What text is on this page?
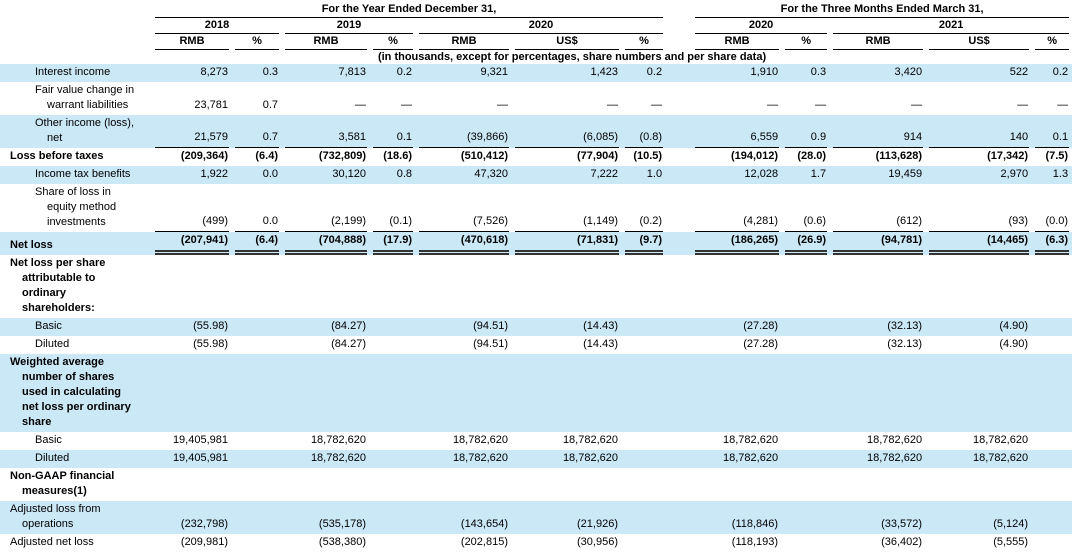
	For the Year Ended December 31,								For the Three Months Ended March 31,				

	2018		2019		2020				2020		2021		

	RMB	%	RMB	%	RMB	US$	%		RMB	%	RMB	US$	%

	(in thousands, except for percentages, share numbers and per share data)												

Interest income	8,273	0.3	7,813	0.2	9,321	1,423	0.2		1,910	0.3	3,420	522	0.2

Fair value change in
warrant liabilities	23,781	0.7	—	—	—	—	—		—	—	—	—	—

Other income (loss),
net	21,579	0.7	3,581	0.1	(39,866)	(6,085)	(0.8)		6,559	0.9	914	140	0.1

Loss before taxes	(209,364)	(6.4)	(732,809)	(18.6)	(510,412)	(77,904)	(10.5)		(194,012)	(28.0)	(113,628)	(17,342)	(7.5)

Income tax benefits	1,922	0.0	30,120	0.8	47,320	7,222	1.0		12,028	1.7	19,459	2,970	1.3

Share of loss in
equity method
investments	(499)	0.0	(2,199)	(0.1)	(7,526)	(1,149)	(0.2)		(4,281)	(0.6)	(612)	(93)	(0.0)

Net loss	(207,941)	(6.4)	(704,888)	(17.9)	(470,618)	(71,831)	(9.7)		(186,265)	(26.9)	(94,781)	(14,465)	(6.3)

Net loss per share
attributable to
ordinary
shareholders:													

Basic	(55.98)		(84.27)		(94.51)	(14.43)			(27.28)		(32.13)	(4.90)	

Diluted	(55.98)		(84.27)		(94.51)	(14.43)			(27.28)		(32.13)	(4.90)	

Weighted average
number of shares
used in calculating
net loss per ordinary
share													

Basic	19,405,981		18,782,620		18,782,620	18,782,620			18,782,620		18,782,620	18,782,620	

Diluted	19,405,981		18,782,620		18,782,620	18,782,620			18,782,620		18,782,620	18,782,620	

Non-GAAP financial
measures(1)													

Adjusted loss from
operations	(232,798)		(535,178)		(143,654)	(21,926)			(118,846)		(33,572)	(5,124)	

Adjusted net loss	(209,981)		(538,380)		(202,815)	(30,956)			(118,193)		(36,402)	(5,555)	
